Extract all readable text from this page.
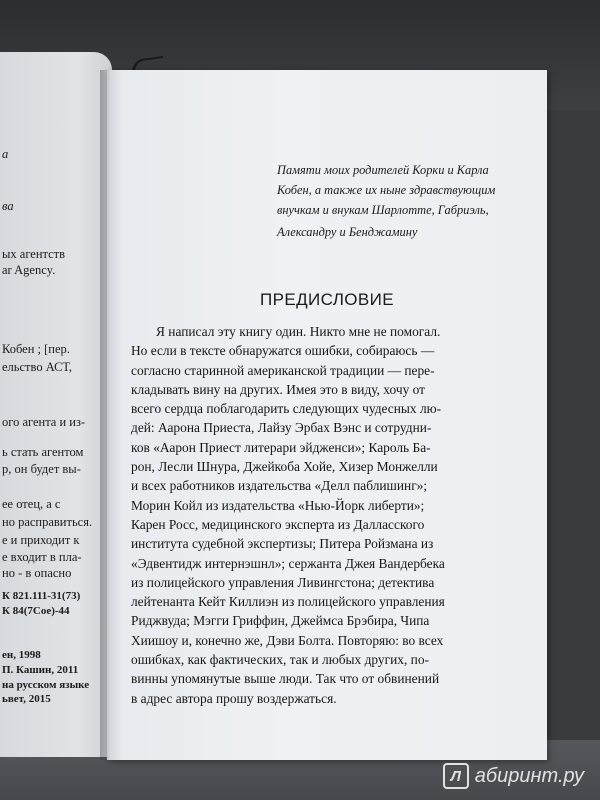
а
ва
ых агентств
ar Agency.
Кобен ; [пер.
ельство АСТ,
ого агента и из-
ь стать агентом
р, он будет вы-
ее отец, а с
но расправиться.
е и приходит к
е входит в пла-
но - в опасно
К 821.111-31(73)
К 84(7Сое)-44
ен, 1998
П. Кашин, 2011
на русском языке
ьвет, 2015
Памяти моих родителей Корки и Карла
Кобен, а также их ныне здравствующим
внучкам и внукам Шарлотте, Габриэль,
Александру и Бенджамину
ПРЕДИСЛОВИЕ
Я написал эту книгу один. Никто мне не помогал.
Но если в тексте обнаружатся ошибки, собираюсь —
согласно старинной американской традиции — пере-
кладывать вину на других. Имея это в виду, хочу от
всего сердца поблагодарить следующих чудесных лю-
дей: Аарона Приеста, Лайзу Эрбах Вэнс и сотрудни-
ков «Аарон Приест литерари эйдженси»; Кароль Ба-
рон, Лесли Шнура, Джейкоба Хойе, Хизер Монжелли
и всех работников издательства «Делл паблишинг»;
Морин Койл из издательства «Нью-Йорк либерти»;
Карен Росс, медицинского эксперта из Далласского
института судебной экспертизы; Питера Ройзмана из
«Эдвентидж интернэшнл»; сержанта Джея Вандербека
из полицейского управления Ливингстона; детектива
лейтенанта Кейт Киллиэн из полицейского управления
Риджвуда; Мэгги Гриффин, Джеймса Брэбира, Чипа
Хиишоу и, конечно же, Дэви Болта. Повторяю: во всех
ошибках, как фактических, так и любых других, по-
винны упомянутые выше люди. Так что от обвинений
в адрес автора прошу воздержаться.
Л абиринт.ру
